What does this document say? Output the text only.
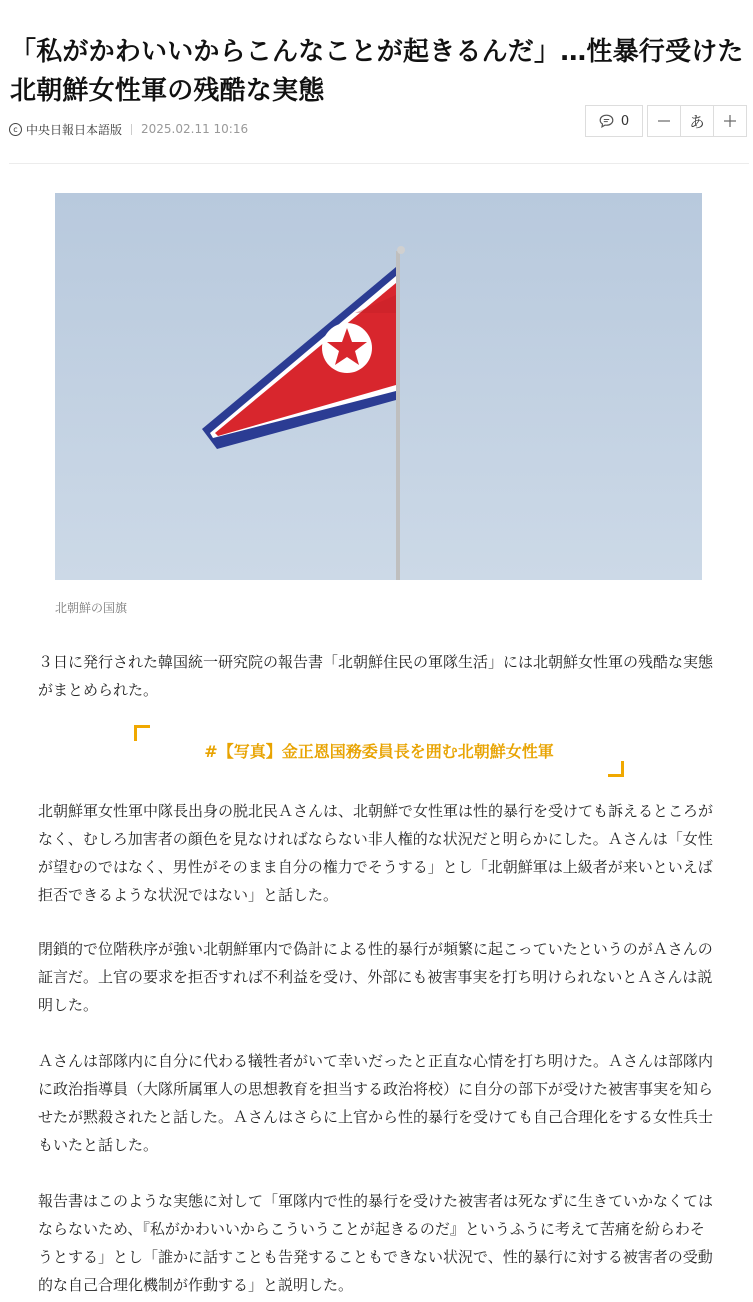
「私がかわいいからこんなことが起きるんだ」…性暴行受けた北朝鮮女性軍の残酷な実態
c 中央日報日本語版 2025.02.11 10:16
0	あ
北朝鮮の国旗

３日に発行された韓国統一研究院の報告書「北朝鮮住民の軍隊生活」には北朝鮮女性軍の残酷な実態がまとめられた。

#【写真】金正恩国務委員長を囲む北朝鮮女性軍

北朝鮮軍女性軍中隊長出身の脱北民Ａさんは、北朝鮮で女性軍は性的暴行を受けても訴えるところがなく、むしろ加害者の顔色を見なければならない非人権的な状況だと明らかにした。Ａさんは「女性が望むのではなく、男性がそのまま自分の権力でそうする」とし「北朝鮮軍は上級者が来いといえば拒否できるような状況ではない」と話した。

閉鎖的で位階秩序が強い北朝鮮軍内で偽計による性的暴行が頻繁に起こっていたというのがＡさんの証言だ。上官の要求を拒否すれば不利益を受け、外部にも被害事実を打ち明けられないとＡさんは説明した。

Ａさんは部隊内に自分に代わる犠牲者がいて幸いだったと正直な心情を打ち明けた。Ａさんは部隊内に政治指導員（大隊所属軍人の思想教育を担当する政治将校）に自分の部下が受けた被害事実を知らせたが黙殺されたと話した。Ａさんはさらに上官から性的暴行を受けても自己合理化をする女性兵士もいたと話した。

報告書はこのような実態に対して「軍隊内で性的暴行を受けた被害者は死なずに生きていかなくてはならないため、『私がかわいいからこういうことが起きるのだ』というふうに考えて苦痛を紛らわそうとする」とし「誰かに話すことも告発することもできない状況で、性的暴行に対する被害者の受動的な自己合理化機制が作動する」と説明した。
